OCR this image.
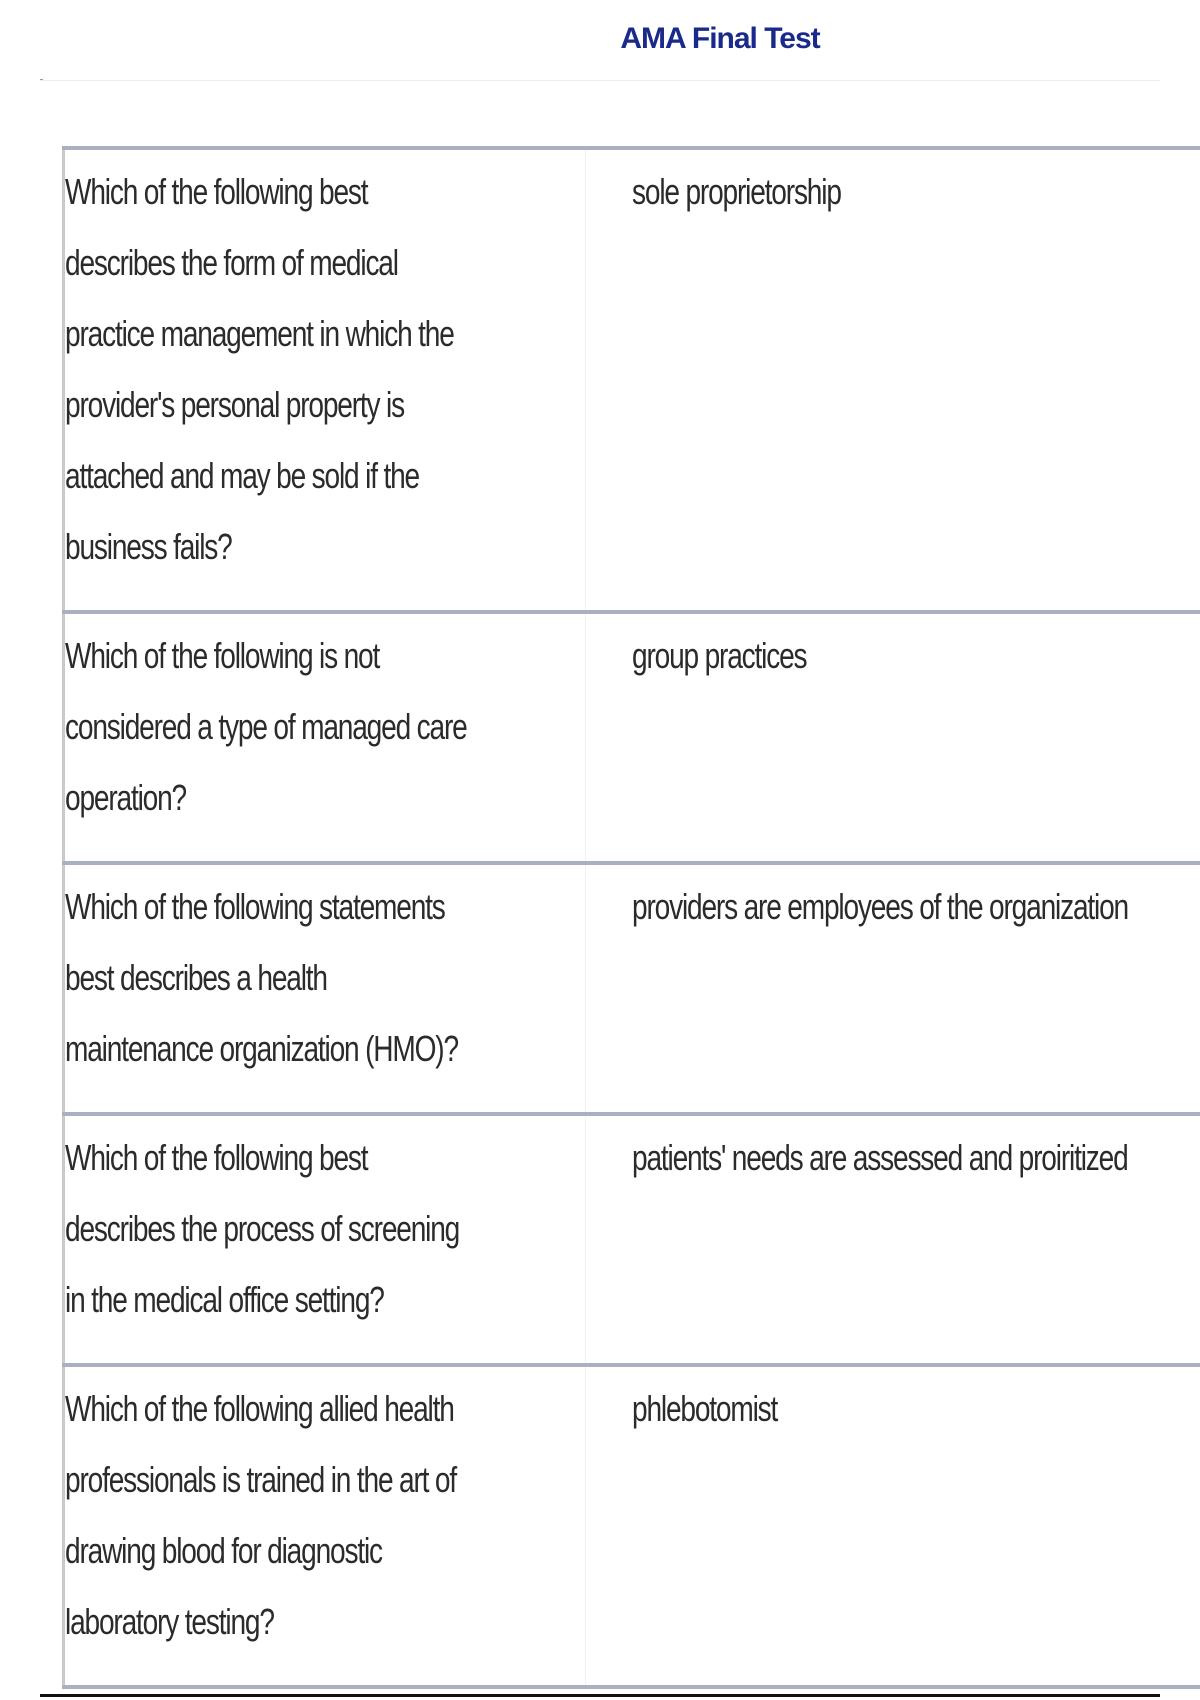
AMA Final Test
Which of the following best describes the form of medical practice management in which the provider's personal property is attached and may be sold if the business fails?	sole proprietorship

Which of the following is not considered a type of managed care operation?	group practices

Which of the following statements best describes a health maintenance organization (HMO)?	providers are employees of the organization

Which of the following best describes the process of screening in the medical office setting?	patients' needs are assessed and proiritized

Which of the following allied health professionals is trained in the art of drawing blood for diagnostic laboratory testing?	phlebotomist
